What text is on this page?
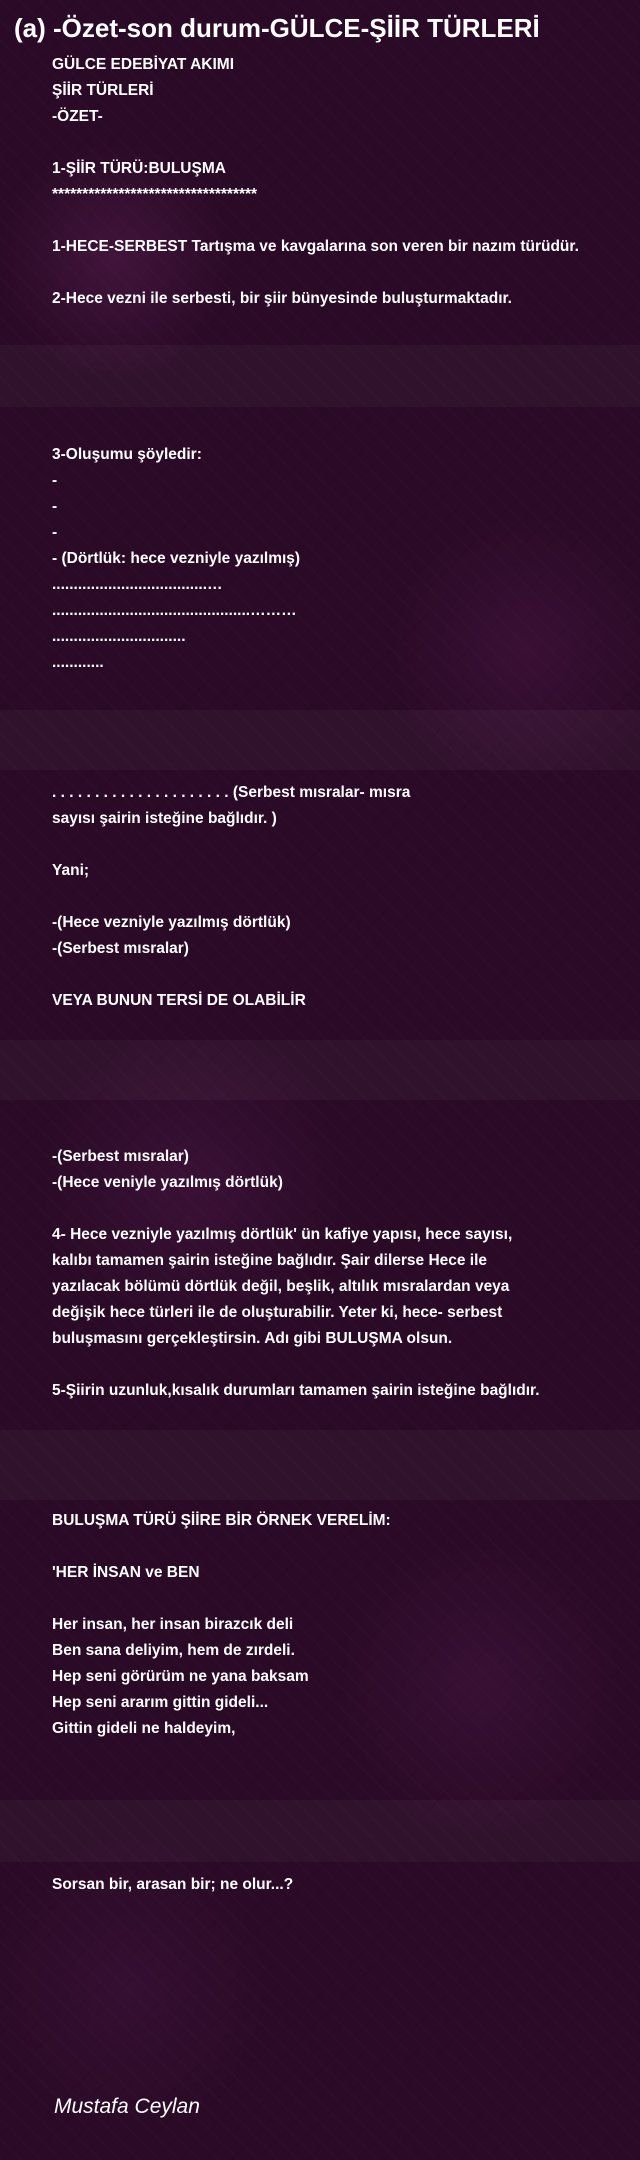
(a) -Özet-son durum-GÜLCE-ŞİİR TÜRLERİ
GÜLCE EDEBİYAT AKIMI
ŞİİR TÜRLERİ
-ÖZET-
1-ŞİİR TÜRÜ:BULUŞMA
**********************************
1-HECE-SERBEST Tartışma ve kavgalarına son veren bir nazım türüdür.
2-Hece vezni ile serbesti, bir şiir bünyesinde buluşturmaktadır.
3-Oluşumu şöyledir:
-
-
-
- (Dörtlük: hece vezniyle yazılmış)
....................................…
..............................................………
...............................
............
. . . . . . . . . . . . . . . . . . . . . (Serbest mısralar- mısra
sayısı şairin isteğine bağlıdır. )
Yani;
-(Hece vezniyle yazılmış dörtlük)
-(Serbest mısralar)
VEYA BUNUN TERSİ DE OLABİLİR
-(Serbest mısralar)
-(Hece veniyle yazılmış dörtlük)
4- Hece vezniyle yazılmış dörtlük' ün kafiye yapısı, hece sayısı,
kalıbı tamamen şairin isteğine bağlıdır. Şair dilerse Hece ile
yazılacak bölümü dörtlük değil, beşlik, altılık mısralardan veya
değişik hece türleri ile de oluşturabilir. Yeter ki, hece- serbest
buluşmasını gerçekleştirsin. Adı gibi BULUŞMA olsun.
5-Şiirin uzunluk,kısalık durumları tamamen şairin isteğine bağlıdır.
BULUŞMA TÜRÜ ŞİİRE BİR ÖRNEK VERELİM:
'HER İNSAN ve BEN
Her insan, her insan birazcık deli
Ben sana deliyim, hem de zırdeli.
Hep seni görürüm ne yana baksam
Hep seni ararım gittin gideli...
Gittin gideli ne haldeyim,
Sorsan bir, arasan bir; ne olur...?
Mustafa Ceylan
